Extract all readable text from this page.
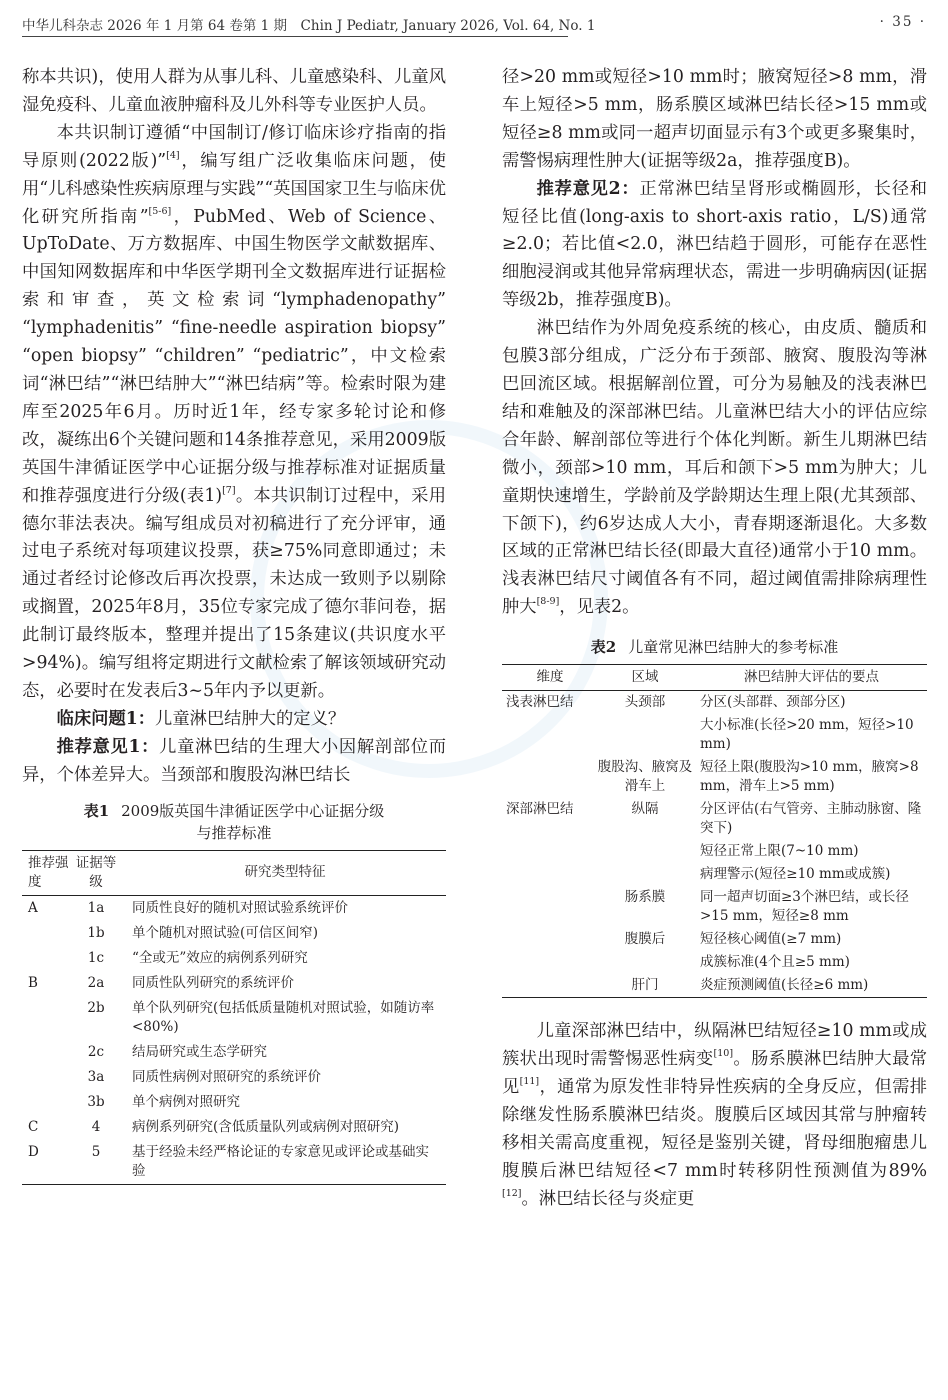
中华儿科杂志 2026 年 1 月第 64 卷第 1 期　Chin J Pediatr, January 2026, Vol. 64, No. 1	· 35 ·

称本共识)，使用人群为从事儿科、儿童感染科、儿童风湿免疫科、儿童血液肿瘤科及儿外科等专业医护人员。

本共识制订遵循“中国制订/修订临床诊疗指南的指导原则(2022版)”[4]，编写组广泛收集临床问题，使用“儿科感染性疾病原理与实践”“英国国家卫生与临床优化研究所指南”[5-6]，PubMed、Web of Science、UpToDate、万方数据库、中国生物医学文献数据库、中国知网数据库和中华医学期刊全文数据库进行证据检索和审查，英文检索词“lymphadenopathy” “lymphadenitis” “fine-needle aspiration biopsy” “open biopsy” “children” “pediatric”，中文检索词“淋巴结”“淋巴结肿大”“淋巴结病”等。检索时限为建库至2025年6月。历时近1年，经专家多轮讨论和修改，凝练出6个关键问题和14条推荐意见，采用2009版英国牛津循证医学中心证据分级与推荐标准对证据质量和推荐强度进行分级(表1)[7]。本共识制订过程中，采用德尔菲法表决。编写组成员对初稿进行了充分评审，通过电子系统对每项建议投票，获≥75%同意即通过；未通过者经讨论修改后再次投票，未达成一致则予以剔除或搁置，2025年8月，35位专家完成了德尔菲问卷，据此制订最终版本，整理并提出了15条建议(共识度水平>94%)。编写组将定期进行文献检索了解该领域研究动态，必要时在发表后3~5年内予以更新。

临床问题1：儿童淋巴结肿大的定义？

推荐意见1：儿童淋巴结的生理大小因解剖部位而异，个体差异大。当颈部和腹股沟淋巴结长

表1 2009版英国牛津循证医学中心证据分级
与推荐标准
推荐强度	证据等级	研究类型特征
A	1a	同质性良好的随机对照试验系统评价
	1b	单个随机对照试验(可信区间窄)
	1c	“全或无”效应的病例系列研究
B	2a	同质性队列研究的系统评价
	2b	单个队列研究(包括低质量随机对照试验，如随访率<80%)
	2c	结局研究或生态学研究
	3a	同质性病例对照研究的系统评价
	3b	单个病例对照研究
C	4	病例系列研究(含低质量队列或病例对照研究)
D	5	基于经验未经严格论证的专家意见或评论或基础实验

径>20 mm或短径>10 mm时；腋窝短径>8 mm，滑车上短径>5 mm，肠系膜区域淋巴结长径>15 mm或短径≥8 mm或同一超声切面显示有3个或更多聚集时，需警惕病理性肿大(证据等级2a，推荐强度B)。

推荐意见2：正常淋巴结呈肾形或椭圆形，长径和短径比值(long-axis to short-axis ratio，L/S)通常≥2.0；若比值<2.0，淋巴结趋于圆形，可能存在恶性细胞浸润或其他异常病理状态，需进一步明确病因(证据等级2b，推荐强度B)。

淋巴结作为外周免疫系统的核心，由皮质、髓质和包膜3部分组成，广泛分布于颈部、腋窝、腹股沟等淋巴回流区域。根据解剖位置，可分为易触及的浅表淋巴结和难触及的深部淋巴结。儿童淋巴结大小的评估应综合年龄、解剖部位等进行个体化判断。新生儿期淋巴结微小，颈部>10 mm，耳后和颌下>5 mm为肿大；儿童期快速增生，学龄前及学龄期达生理上限(尤其颈部、下颌下)，约6岁达成人大小，青春期逐渐退化。大多数区域的正常淋巴结长径(即最大直径)通常小于10 mm。浅表淋巴结尺寸阈值各有不同，超过阈值需排除病理性肿大[8-9]，见表2。

表2 儿童常见淋巴结肿大的参考标准
维度	区域	淋巴结肿大评估的要点
浅表淋巴结	头颈部	分区(头部群、颈部分区)
		大小标准(长径>20 mm，短径>10 mm)
	腹股沟、腋窝及滑车上	短径上限(腹股沟>10 mm，腋窝>8 mm，滑车上>5 mm)
深部淋巴结	纵隔	分区评估(右气管旁、主肺动脉窗、隆突下)
		短径正常上限(7~10 mm)
		病理警示(短径≥10 mm或成簇)
	肠系膜	同一超声切面≥3个淋巴结，或长径>15 mm，短径≥8 mm
	腹膜后	短径核心阈值(≥7 mm)
		成簇标准(4个且≥5 mm)
	肝门	炎症预测阈值(长径≥6 mm)

儿童深部淋巴结中，纵隔淋巴结短径≥10 mm或成簇状出现时需警惕恶性病变[10]。肠系膜淋巴结肿大最常见[11]，通常为原发性非特异性疾病的全身反应，但需排除继发性肠系膜淋巴结炎。腹膜后区域因其常与肿瘤转移相关需高度重视，短径是鉴别关键，肾母细胞瘤患儿腹膜后淋巴结短径<7 mm时转移阴性预测值为89%[12]。淋巴结长径与炎症更
